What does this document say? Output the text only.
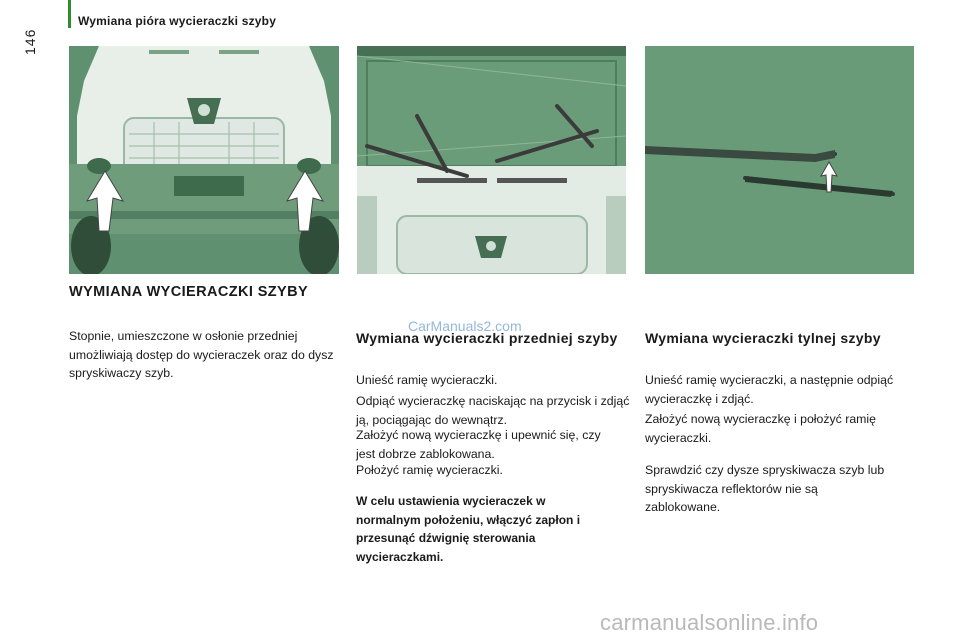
Wymiana pióra wycieraczki szyby
146
WYMIANA WYCIERACZKI SZYBY
Stopnie, umieszczone w osłonie przedniej umożliwiają dostęp do wycieraczek oraz do dysz spryskiwaczy szyb.
Wymiana wycieraczki przedniej szyby
Unieść ramię wycieraczki.
Odpiąć wycieraczkę naciskając na przycisk i zdjąć ją, pociągając do wewnątrz.
Założyć nową wycieraczkę i upewnić się, czy jest dobrze zablokowana.
Położyć ramię wycieraczki.
W celu ustawienia wycieraczek w normalnym położeniu, włączyć zapłon i przesunąć dźwignię sterowania wycieraczkami.
Wymiana wycieraczki tylnej szyby
Unieść ramię wycieraczki, a następnie odpiąć wycieraczkę i zdjąć.
Założyć nową wycieraczkę i położyć ramię wycieraczki.
Sprawdzić czy dysze spryskiwacza szyb lub spryskiwacza reflektorów nie są zablokowane.
CarManuals2.com
carmanualsonline.info
